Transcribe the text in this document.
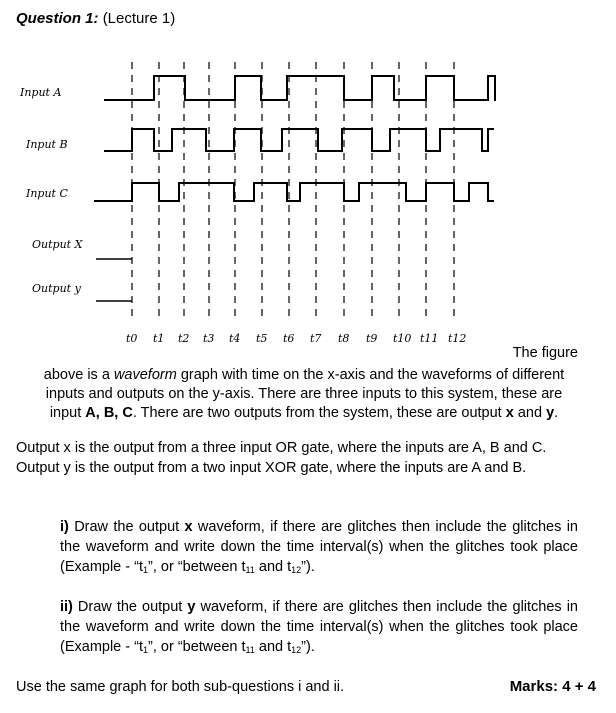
Question 1: (Lecture 1)
Input A
Input B
Input C
Output X
Output y
t0 t1 t2 t3 t4 t5 t6 t7 t8 t9 t10 t11 t12
The figure

above is a waveform graph with time on the x-axis and the waveforms of different

inputs and outputs on the y-axis. There are three inputs to this system, these are

input A, B, C. There are two outputs from the system, these are output x and y.

Output x is the output from a three input OR gate, where the inputs are A, B and C. Output y is the output from a two input XOR gate, where the inputs are A and B.
i) Draw the output x waveform, if there are glitches then include the glitches in the waveform and write down the time interval(s) when the glitches took place (Example - “$t_1$”, or “between $t_{11}$ and $t_{12}$”).
ii) Draw the output y waveform, if there are glitches then include the glitches in the waveform and write down the time interval(s) when the glitches took place (Example - “$t_1$”, or “between $t_{11}$ and $t_{12}$”).
Use the same graph for both sub-questions i and ii.	Marks: 4 + 4
